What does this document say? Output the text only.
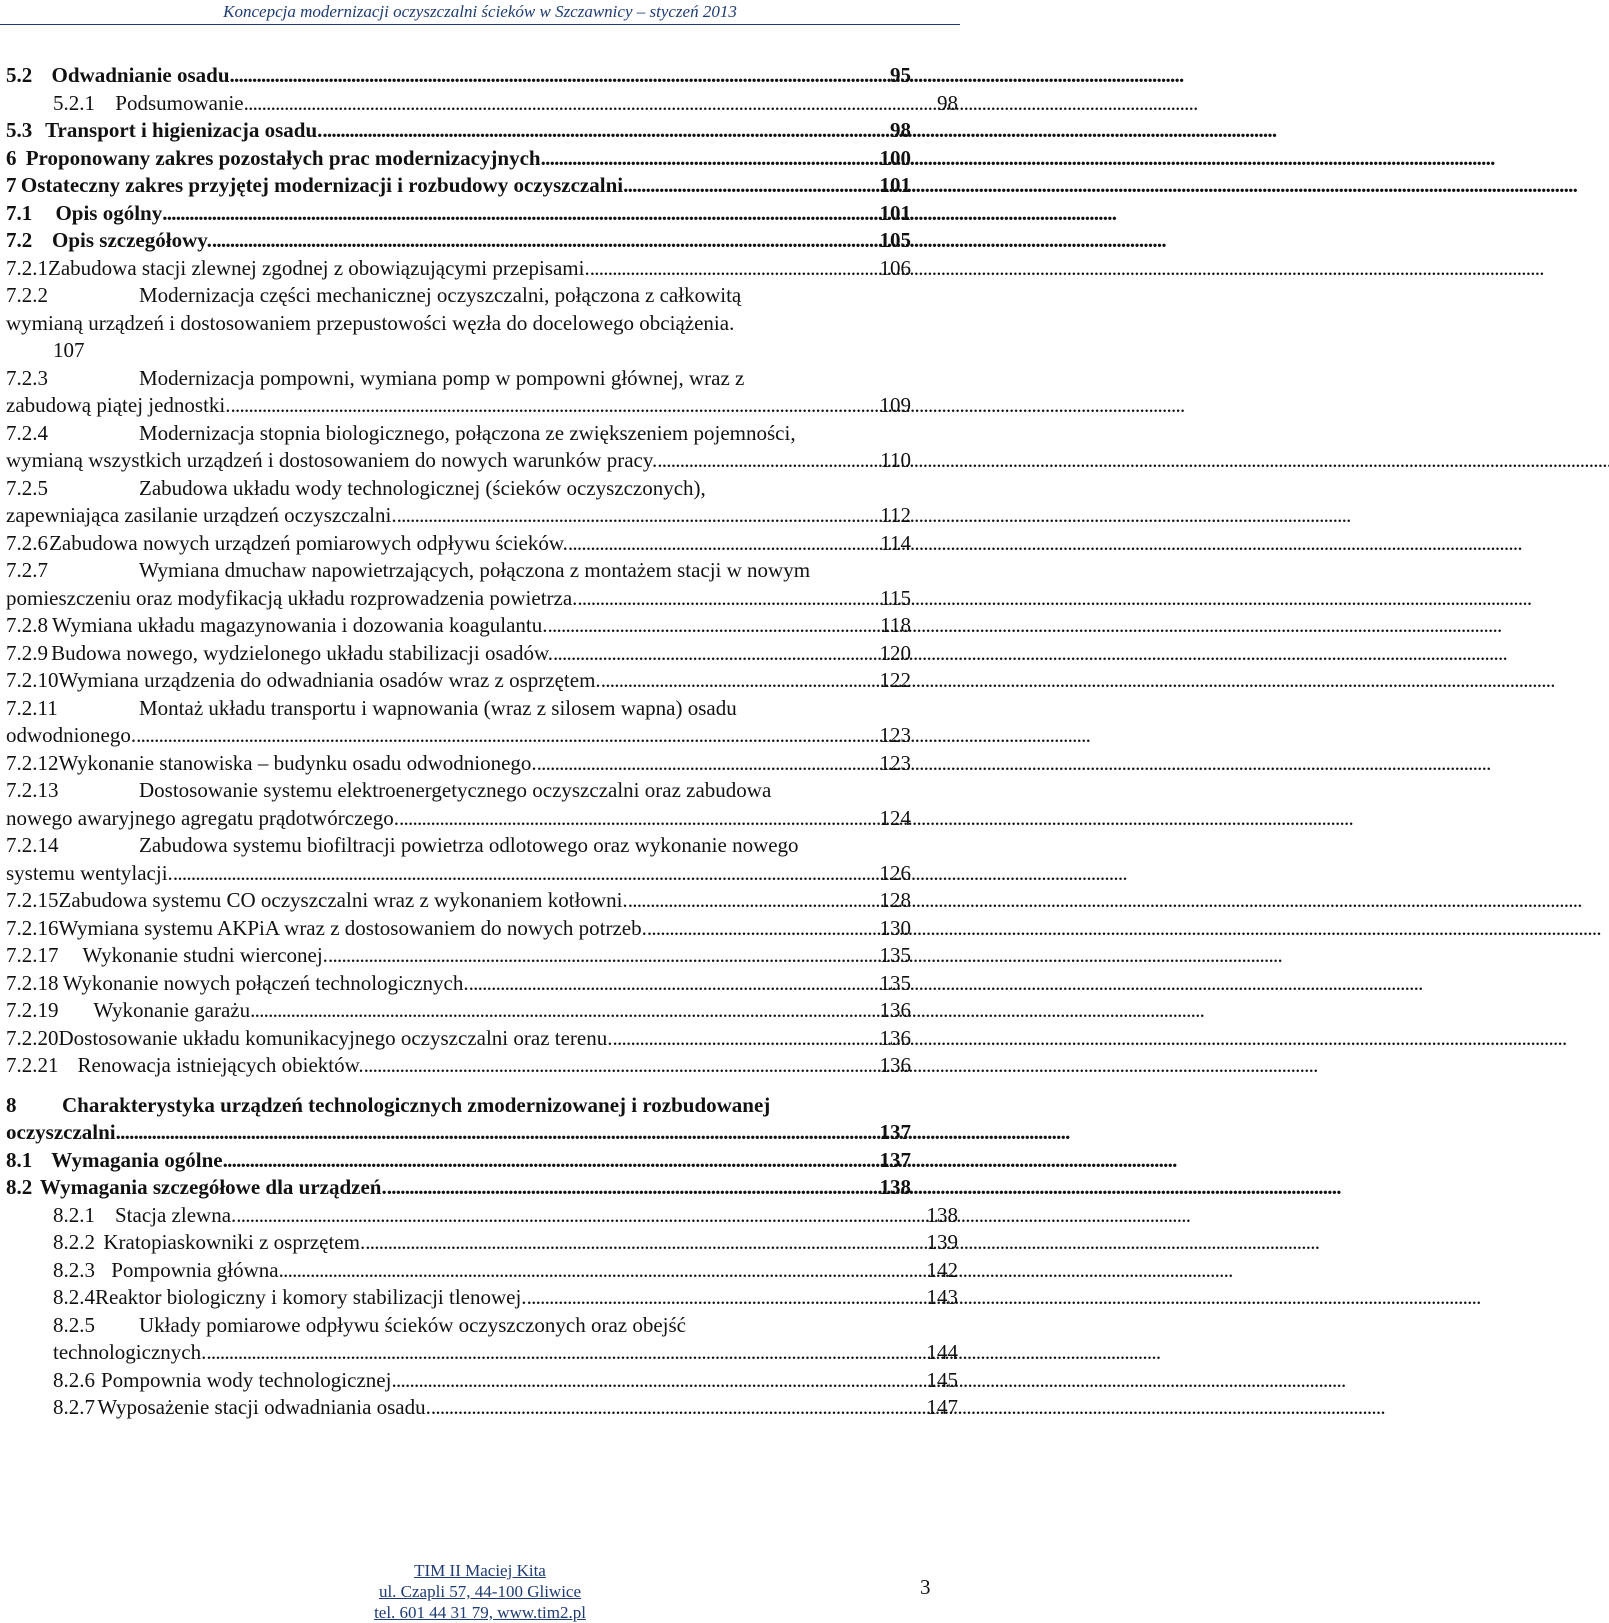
Koncepcja modernizacji oczyszczalni ścieków w Szczawnicy – styczeń 2013
5.2 Odwadnianie osadu . . .	95
5.2.1 Podsumowanie . . .	98
5.3 Transport i higienizacja osadu. . . .	98
6 Proponowany zakres pozostałych prac modernizacyjnych . . .	100
7 Ostateczny zakres przyjętej modernizacji i rozbudowy oczyszczalni . . .	101
7.1	Opis ogólny . . .	101
7.2 Opis szczegółowy. . . .	105
7.2.1 Zabudowa stacji zlewnej zgodnej z obowiązującymi przepisami. . . .	106
7.2.2	Modernizacja części mechanicznej oczyszczalni, połączona z całkowitą
wymianą urządzeń i dostosowaniem przepustowości węzła do docelowego obciążenia.
107
7.2.3	Modernizacja pompowni, wymiana pomp w pompowni głównej, wraz z
zabudową piątej jednostki. . . .	109
7.2.4	Modernizacja stopnia biologicznego, połączona ze zwiększeniem pojemności,
wymianą wszystkich urządzeń i dostosowaniem do nowych warunków pracy. . . .	110
7.2.5	Zabudowa układu wody technologicznej (ścieków oczyszczonych),
zapewniająca zasilanie urządzeń oczyszczalni. . . .	112
7.2.6 Zabudowa nowych urządzeń pomiarowych odpływu ścieków. . . .	114
7.2.7	Wymiana dmuchaw napowietrzających, połączona z montażem stacji w nowym
pomieszczeniu oraz modyfikacją układu rozprowadzenia powietrza. . . .	115
7.2.8 Wymiana układu magazynowania i dozowania koagulantu. . . .	118
7.2.9 Budowa nowego, wydzielonego układu stabilizacji osadów. . . .	120
7.2.10 Wymiana urządzenia do odwadniania osadów wraz z osprzętem. . . .	122
7.2.11	Montaż układu transportu i wapnowania (wraz z silosem wapna) osadu
odwodnionego. . . .	123
7.2.12 Wykonanie stanowiska – budynku osadu odwodnionego. . . .	123
7.2.13	Dostosowanie systemu elektroenergetycznego oczyszczalni oraz zabudowa
nowego awaryjnego agregatu prądotwórczego. . . .	124
7.2.14	Zabudowa systemu biofiltracji powietrza odlotowego oraz wykonanie nowego
systemu wentylacji. . . .	126
7.2.15 Zabudowa systemu CO oczyszczalni wraz z wykonaniem kotłowni. . . .	128
7.2.16 Wymiana systemu AKPiA wraz z dostosowaniem do nowych potrzeb. . . .	130
7.2.17	Wykonanie studni wierconej. . . .	135
7.2.18 Wykonanie nowych połączeń technologicznych. . . .	135
7.2.19	Wykonanie garażu . . .	136
7.2.20 Dostosowanie układu komunikacyjnego oczyszczalni oraz terenu. . . .	136
7.2.21 Renowacja istniejących obiektów. . . .	136
8	Charakterystyka urządzeń technologicznych zmodernizowanej i rozbudowanej
oczyszczalni . . .	137
8.1 Wymagania ogólne . . .	137
8.2 Wymagania szczegółowe dla urządzeń. . . .	138
8.2.1 Stacja zlewna. . . .	138
8.2.2 Kratopiaskowniki z osprzętem. . . .	139
8.2.3 Pompownia główna . . .	142
8.2.4 Reaktor biologiczny i komory stabilizacji tlenowej. . . .	143
8.2.5	Układy pomiarowe odpływu ścieków oczyszczonych oraz obejść
technologicznych. . . .	144
8.2.6 Pompownia wody technologicznej . . .	145
8.2.7 Wyposażenie stacji odwadniania osadu. . . .	147
TIM II Maciej Kita
ul. Czapli 57, 44-100 Gliwice
tel. 601 44 31 79, www.tim2.pl
3
